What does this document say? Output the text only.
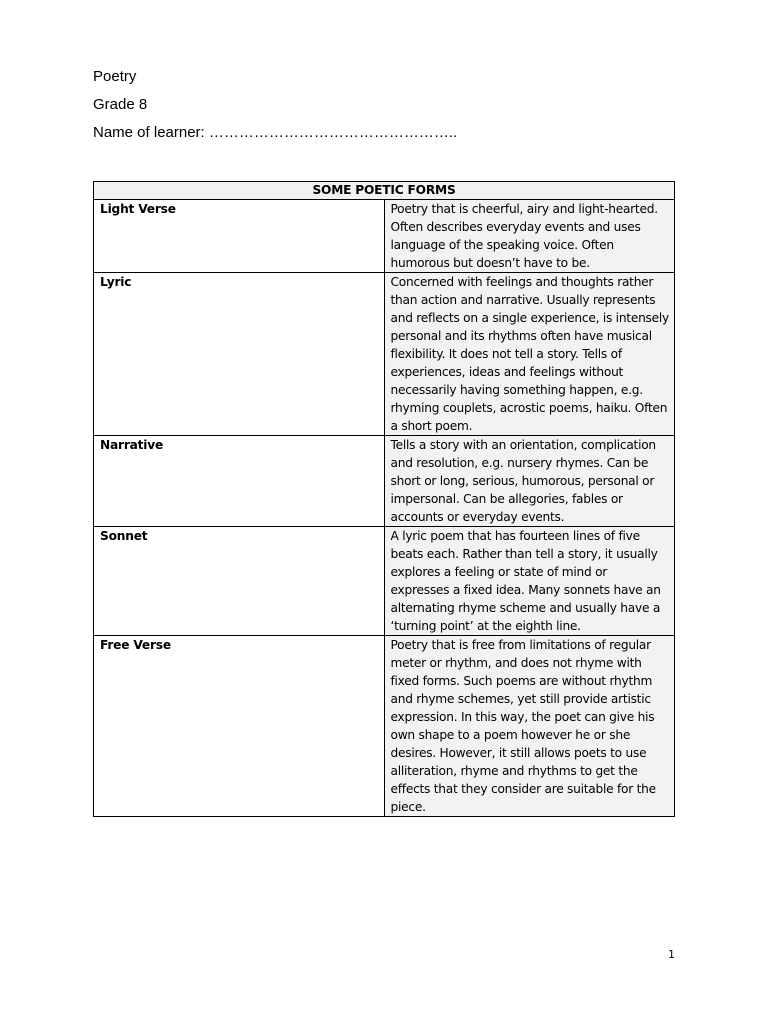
Poetry
Grade 8
Name of learner: …………………………………………..
SOME POETIC FORMS	
Light Verse	Poetry that is cheerful, airy and light-hearted. Often describes everyday events and uses language of the speaking voice. Often humorous but doesn’t have to be.
Lyric	Concerned with feelings and thoughts rather than action and narrative. Usually represents and reflects on a single experience, is intensely personal and its rhythms often have musical flexibility. It does not tell a story. Tells of experiences, ideas and feelings without necessarily having something happen, e.g. rhyming couplets, acrostic poems, haiku. Often a short poem.
Narrative	Tells a story with an orientation, complication and resolution, e.g. nursery rhymes. Can be short or long, serious, humorous, personal or impersonal. Can be allegories, fables or accounts or everyday events.
Sonnet	A lyric poem that has fourteen lines of five beats each. Rather than tell a story, it usually explores a feeling or state of mind or expresses a fixed idea. Many sonnets have an alternating rhyme scheme and usually have a ‘turning point’ at the eighth line.
Free Verse	Poetry that is free from limitations of regular meter or rhythm, and does not rhyme with fixed forms. Such poems are without rhythm and rhyme schemes, yet still provide artistic expression. In this way, the poet can give his own shape to a poem however he or she desires. However, it still allows poets to use alliteration, rhyme and rhythms to get the effects that they consider are suitable for the piece.
1
